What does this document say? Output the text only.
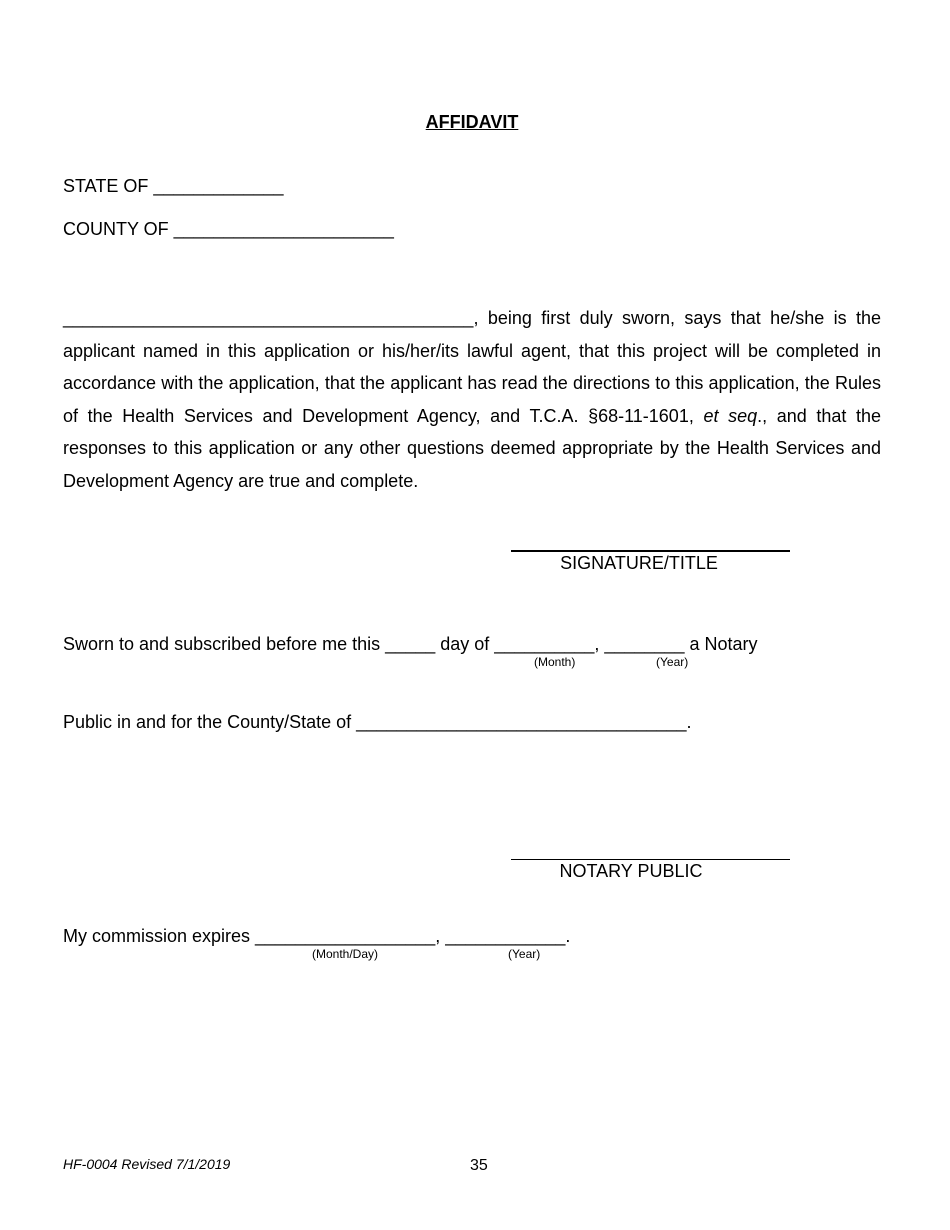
AFFIDAVIT
STATE OF _____________
COUNTY OF ______________________
_________________________________________, being first duly sworn, says that he/she is the applicant named in this application or his/her/its lawful agent, that this project will be completed in accordance with the application, that the applicant has read the directions to this application, the Rules of the Health Services and Development Agency, and T.C.A. §68-11-1601, et seq., and that the responses to this application or any other questions deemed appropriate by the Health Services and Development Agency are true and complete.
SIGNATURE/TITLE
Sworn to and subscribed before me this _____ day of __________, ________ a Notary
(Month)	(Year)
Public in and for the County/State of _________________________________.
NOTARY PUBLIC
My commission expires __________________, ____________.
(Month/Day)	(Year)
HF-0004 Revised 7/1/2019	35
